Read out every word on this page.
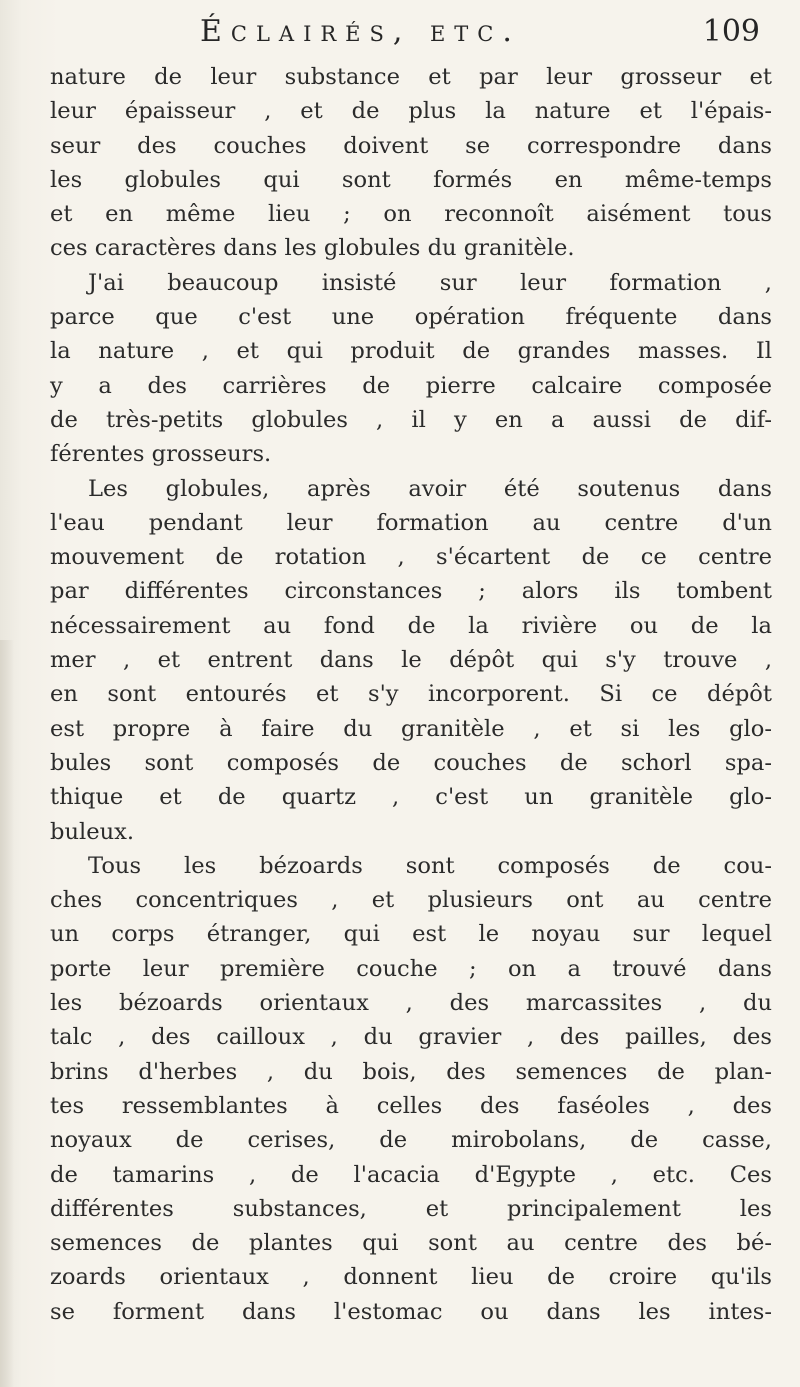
Éclairés, etc.	109
nature de leur substance et par leur grosseur et
leur épaisseur , et de plus la nature et l'épais-
seur des couches doivent se correspondre dans
les globules qui sont formés en même-temps
et en même lieu ; on reconnoît aisément tous
ces caractères dans les globules du granitèle.
J'ai beaucoup insisté sur leur formation ,
parce que c'est une opération fréquente dans
la nature , et qui produit de grandes masses. Il
y a des carrières de pierre calcaire composée
de très-petits globules , il y en a aussi de dif-
férentes grosseurs.
Les globules, après avoir été soutenus dans
l'eau pendant leur formation au centre d'un
mouvement de rotation , s'écartent de ce centre
par différentes circonstances ; alors ils tombent
nécessairement au fond de la rivière ou de la
mer , et entrent dans le dépôt qui s'y trouve ,
en sont entourés et s'y incorporent. Si ce dépôt
est propre à faire du granitèle , et si les glo-
bules sont composés de couches de schorl spa-
thique et de quartz , c'est un granitèle glo-
buleux.
Tous les bézoards sont composés de cou-
ches concentriques , et plusieurs ont au centre
un corps étranger, qui est le noyau sur lequel
porte leur première couche ; on a trouvé dans
les bézoards orientaux , des marcassites , du
talc , des cailloux , du gravier , des pailles, des
brins d'herbes , du bois, des semences de plan-
tes ressemblantes à celles des faséoles , des
noyaux de cerises, de mirobolans, de casse,
de tamarins , de l'acacia d'Egypte , etc. Ces
différentes substances, et principalement les
semences de plantes qui sont au centre des bé-
zoards orientaux , donnent lieu de croire qu'ils
se forment dans l'estomac ou dans les intes-
